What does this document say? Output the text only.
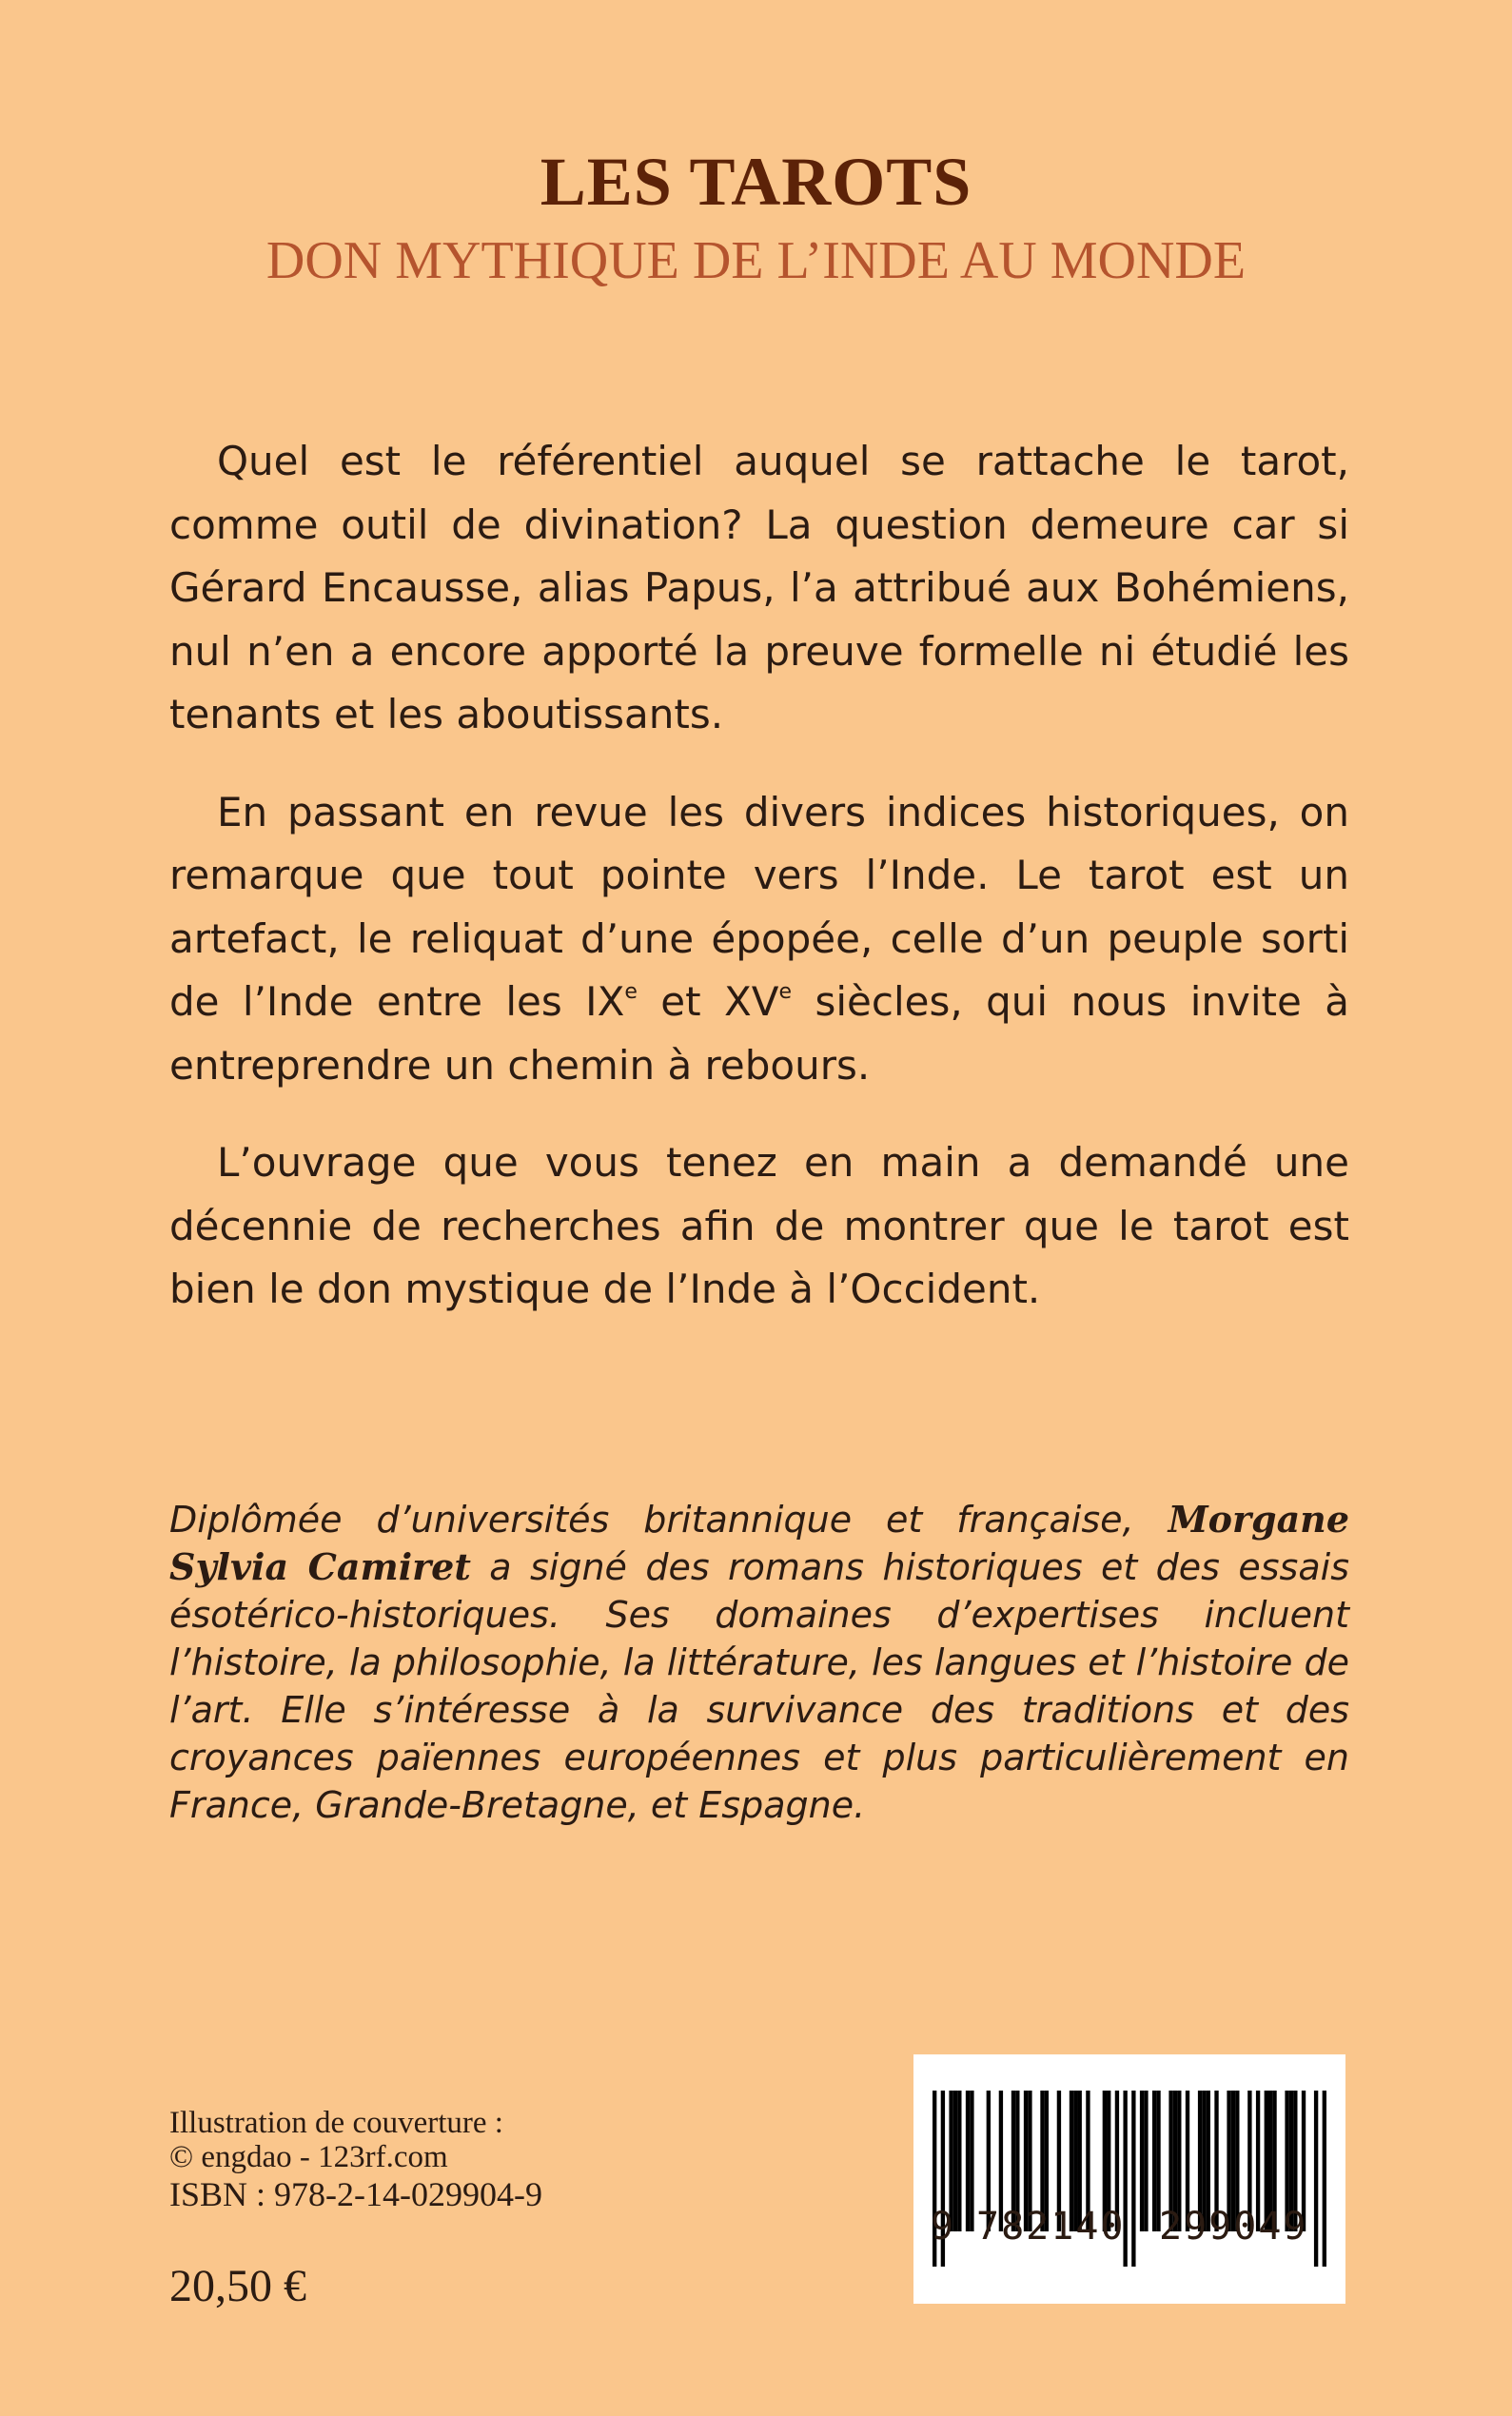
LES TAROTS
DON MYTHIQUE DE L’INDE AU MONDE

Quel est le référentiel auquel se rattache le tarot, comme outil de divination? La question demeure car si Gérard Encausse, alias Papus, l’a attribué aux Bohémiens, nul n’en a encore apporté la preuve formelle ni étudié les tenants et les aboutissants.

En passant en revue les divers indices historiques, on remarque que tout pointe vers l’Inde. Le tarot est un artefact, le reliquat d’une épopée, celle d’un peuple sorti de l’Inde entre les IXe et XVe siècles, qui nous invite à entreprendre un chemin à rebours.

L’ouvrage que vous tenez en main a demandé une décennie de recherches afin de montrer que le tarot est bien le don mystique de l’Inde à l’Occident.

Diplômée d’universités britannique et française, Morgane Sylvia Camiret a signé des romans historiques et des essais ésotérico-historiques. Ses domaines d’expertises incluent l’histoire, la philosophie, la littérature, les langues et l’histoire de l’art. Elle s’intéresse à la survivance des traditions et des croyances païennes européennes et plus particulièrement en France, Grande-Bretagne, et Espagne.
Illustration de couverture :
© engdao - 123rf.com
ISBN : 978-2-14-029904-9
20,50 €
9 782140 299049
